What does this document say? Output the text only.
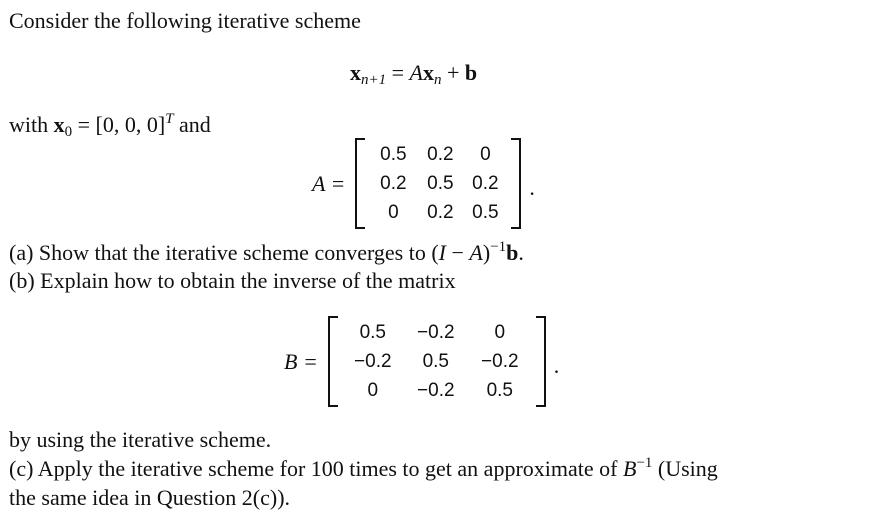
Consider the following iterative scheme
$x_{n+1} = Ax_n + b$
with $x_0 = [0$, 0, 0]$^T$ and
A =
0.5	0.2	0
0.2	0.5 0.2
0	0.2 0.5
.
(a) Show that the iterative scheme converges to $(I - A)^{-1}b$.
(b) Explain how to obtain the inverse of the matrix
B =
0.5	−0.2	0
−0.2	0.5	−0.2
0	−0.2	0.5
.
by using the iterative scheme.
(c) Apply the iterative scheme for 100 times to get an approximate of $B^{-1}$ (Using
the same idea in Question 2(c)).
